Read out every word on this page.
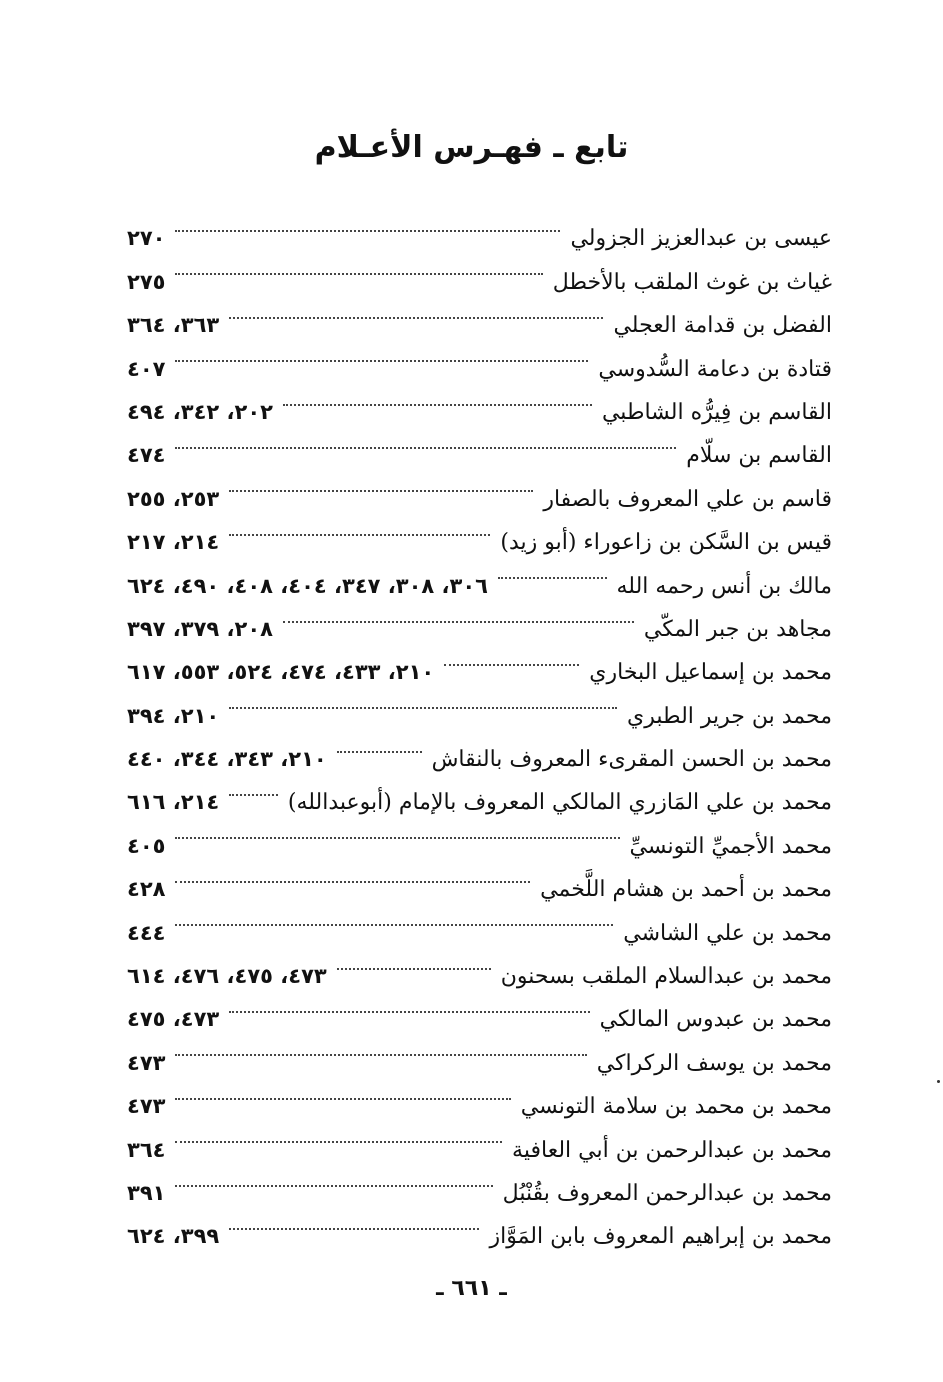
تابع ـ فهـرس الأعـلام
عيسى بن عبدالعزيز الجزولي
٢٧٠
غياث بن غوث الملقب بالأخطل
٢٧٥
الفضل بن قدامة العجلي
٣٦٣، ٣٦٤
قتادة بن دعامة السُّدوسي
٤٠٧
القاسم بن فِيرُّه الشاطبي
٢٠٢، ٣٤٢، ٤٩٤
القاسم بن سلّام
٤٧٤
قاسم بن علي المعروف بالصفار
٢٥٣، ٢٥٥
قيس بن السَّكن بن زاعوراء (أبو زيد)
٢١٤، ٢١٧
مالك بن أنس رحمه الله
٣٠٦، ٣٠٨، ٣٤٧، ٤٠٤، ٤٠٨، ٤٩٠، ٦٢٤
مجاهد بن جبر المكّي
٢٠٨، ٣٧٩، ٣٩٧
محمد بن إسماعيل البخاري
٢١٠، ٤٣٣، ٤٧٤، ٥٢٤، ٥٥٣، ٦١٧
محمد بن جرير الطبري
٢١٠، ٣٩٤
محمد بن الحسن المقرىء المعروف بالنقاش
٢١٠، ٣٤٣، ٣٤٤، ٤٤٠
محمد بن علي المَازري المالكي المعروف بالإمام (أبوعبدالله)
٢١٤، ٦١٦
محمد الأجميِّ التونسيِّ
٤٠٥
محمد بن أحمد بن هشام اللَّخمي
٤٢٨
محمد بن علي الشاشي
٤٤٤
محمد بن عبدالسلام الملقب بسحنون
٤٧٣، ٤٧٥، ٤٧٦، ٦١٤
محمد بن عبدوس المالكي
٤٧٣، ٤٧٥
محمد بن يوسف الركراكي
٤٧٣
محمد بن محمد بن سلامة التونسي
٤٧٣
محمد بن عبدالرحمن بن أبي العافية
٣٦٤
محمد بن عبدالرحمن المعروف بقُنْبُل
٣٩١
محمد بن إبراهيم المعروف بابن المَوَّاز
٣٩٩، ٦٢٤
ـ ٦٦١ ـ
